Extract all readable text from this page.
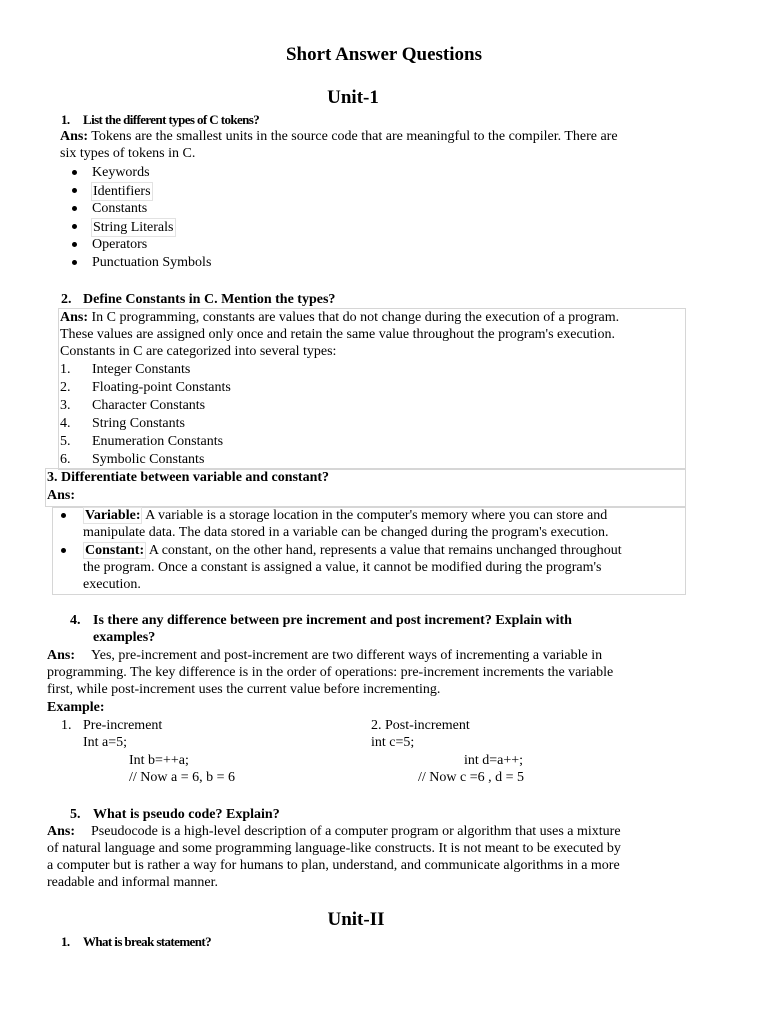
Short Answer Questions
Unit-1
1. List the different types of C tokens?
Ans: Tokens are the smallest units in the source code that are meaningful to the compiler. There are
six types of tokens in C.
Keywords
Identifiers
Constants
String Literals
Operators
Punctuation Symbols
2. Define Constants in C. Mention the types?
Ans: In C programming, constants are values that do not change during the execution of a program.
These values are assigned only once and retain the same value throughout the program's execution.
Constants in C are categorized into several types:
1. Integer Constants
2. Floating-point Constants
3. Character Constants
4. String Constants
5. Enumeration Constants
6. Symbolic Constants
3. Differentiate between variable and constant?
Ans:
Variable: A variable is a storage location in the computer's memory where you can store and
manipulate data. The data stored in a variable can be changed during the program's execution.
Constant: A constant, on the other hand, represents a value that remains unchanged throughout
the program. Once a constant is assigned a value, it cannot be modified during the program's
execution.
4. Is there any difference between pre increment and post increment? Explain with
examples?
Ans: Yes, pre-increment and post-increment are two different ways of incrementing a variable in
programming. The key difference is in the order of operations: pre-increment increments the variable
first, while post-increment uses the current value before incrementing.
Example:
1. Pre-increment
Int a=5;
Int b=++a;
// Now a = 6, b = 6
2. Post-increment
int c=5;
int d=a++;
// Now c =6 , d = 5
5. What is pseudo code? Explain?
Ans: Pseudocode is a high-level description of a computer program or algorithm that uses a mixture
of natural language and some programming language-like constructs. It is not meant to be executed by
a computer but is rather a way for humans to plan, understand, and communicate algorithms in a more
readable and informal manner.
Unit-II
1. What is break statement?
